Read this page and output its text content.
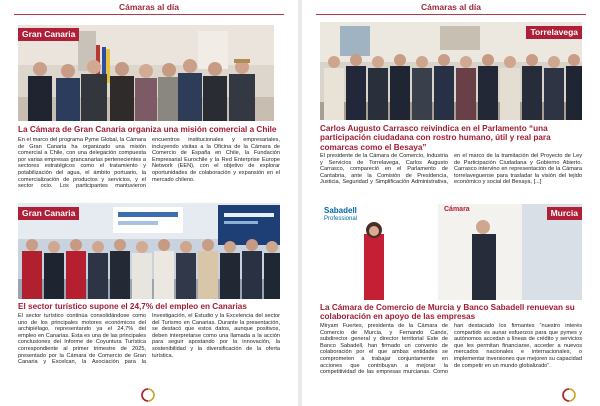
Cámaras al día
Gran Canaria
La Cámara de Gran Canaria organiza una misión comercial a Chile
En el marco del programa Pyme Global, la Cámara de Gran Canaria ha organizado una misión comercial a Chile, con una delegación compuesta por varias empresas grancanarias pertenecientes a sectores estratégicos como el tratamiento y potabilización del agua, el ámbito portuario, la comercialización de productos y servicios, y el sector ocio. Los participantes mantuvieron encuentros institucionales y empresariales, incluyendo visitas a la Oficina de la Cámara de Comercio de España en Chile, la Fundación Empresarial Eurochile y la Red Enterprise Europe Network (EEN), con el objetivo de explorar oportunidades de colaboración y expansión en el mercado chileno.
Gran Canaria
El sector turístico supone el 24,7% del empleo en Canarias
El sector turístico continúa consolidándose como uno de los principales motores económicos del archipiélago, representando ya el 24,7% del empleo en Canarias. Esta es una de las principales conclusiones del Informe de Coyuntura Turística correspondiente al primer trimestre de 2025, presentado por la Cámara de Comercio de Gran Canaria y Excelcan, la Asociación para la Investigación, el Estudio y la Excelencia del sector del Turismo en Canarias. Durante la presentación, se destacó que estos datos, aunque positivos, deben interpretarse como una llamada a la acción para seguir apostando por la innovación, la sostenibilidad y la diversificación de la oferta turística.
Cámaras al día
Torrelavega
Carlos Augusto Carrasco reivindica en el Parlamento “una participación ciudadana con rostro humano, útil y real para comarcas como el Besaya”
El presidente de la Cámara de Comercio, Industria y Servicios de Torrelavega, Carlos Augusto Carrasco, compareció en el Parlamento de Cantabria, ante la Comisión de Presidencia, Justicia, Seguridad y Simplificación Administrativa, en el marco de la tramitación del Proyecto de Ley de Participación Ciudadana y Gobierno Abierto. Carrasco intervino en representación de la Cámara torrelaveguense para trasladar la visión del tejido económico y social del Besaya, [...]
Sabadell
Professional
Cámara	Murcia
La Cámara de Comercio de Murcia y Banco Sabadell renuevan su colaboración en apoyo de las empresas
Miryam Fuertes, presidenta de la Cámara de Comercio de Murcia, y Fernando Canós, subdirector general y director territorial Este de Banco Sabadell, han firmado un convenio de colaboración por el que ambas entidades se comprometen a trabajar conjuntamente en acciones que contribuyan a mejorar la competitividad de las empresas murcianas. Como han destacado los firmantes “nuestro interés compartido es aunar esfuerzos para que pymes y autónomos accedan a líneas de crédito y servicios que les permitan financiarse, acceder a nuevos mercados nacionales e internacionales, o implementar inversiones que mejoren su capacidad de competir en un mundo globalizado”.
